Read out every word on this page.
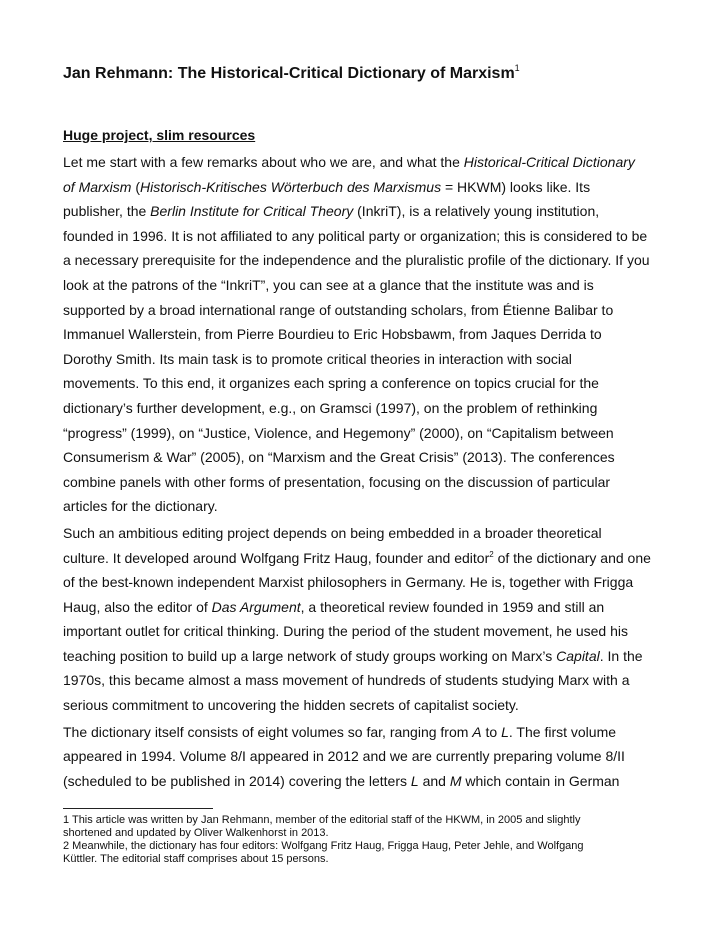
Jan Rehmann: The Historical-Critical Dictionary of Marxism$^1$
Huge project, slim resources

Let me start with a few remarks about who we are, and what the Historical-Critical Dictionary
of Marxism (Historisch-Kritisches Wörterbuch des Marxismus = HKWM) looks like. Its
publisher, the Berlin Institute for Critical Theory (InkriT), is a relatively young institution,
founded in 1996. It is not affiliated to any political party or organization; this is considered to be
a necessary prerequisite for the independence and the pluralistic profile of the dictionary. If you
look at the patrons of the “InkriT”, you can see at a glance that the institute was and is
supported by a broad international range of outstanding scholars, from Étienne Balibar to
Immanuel Wallerstein, from Pierre Bourdieu to Eric Hobsbawm, from Jaques Derrida to
Dorothy Smith. Its main task is to promote critical theories in interaction with social
movements. To this end, it organizes each spring a conference on topics crucial for the
dictionary’s further development, e.g., on Gramsci (1997), on the problem of rethinking
“progress” (1999), on “Justice, Violence, and Hegemony” (2000), on “Capitalism between
Consumerism & War” (2005), on “Marxism and the Great Crisis” (2013). The conferences
combine panels with other forms of presentation, focusing on the discussion of particular
articles for the dictionary.

Such an ambitious editing project depends on being embedded in a broader theoretical
culture. It developed around Wolfgang Fritz Haug, founder and editor$^2$ of the dictionary and one
of the best-known independent Marxist philosophers in Germany. He is, together with Frigga
Haug, also the editor of Das Argument, a theoretical review founded in 1959 and still an
important outlet for critical thinking. During the period of the student movement, he used his
teaching position to build up a large network of study groups working on Marx’s Capital. In the
1970s, this became almost a mass movement of hundreds of students studying Marx with a
serious commitment to uncovering the hidden secrets of capitalist society.

The dictionary itself consists of eight volumes so far, ranging from A to L. The first volume
appeared in 1994. Volume 8/I appeared in 2012 and we are currently preparing volume 8/II
(scheduled to be published in 2014) covering the letters L and M which contain in German

1 This article was written by Jan Rehmann, member of the editorial staff of the HKWM, in 2005 and slightly
shortened and updated by Oliver Walkenhorst in 2013.

2 Meanwhile, the dictionary has four editors: Wolfgang Fritz Haug, Frigga Haug, Peter Jehle, and Wolfgang
Küttler. The editorial staff comprises about 15 persons.
